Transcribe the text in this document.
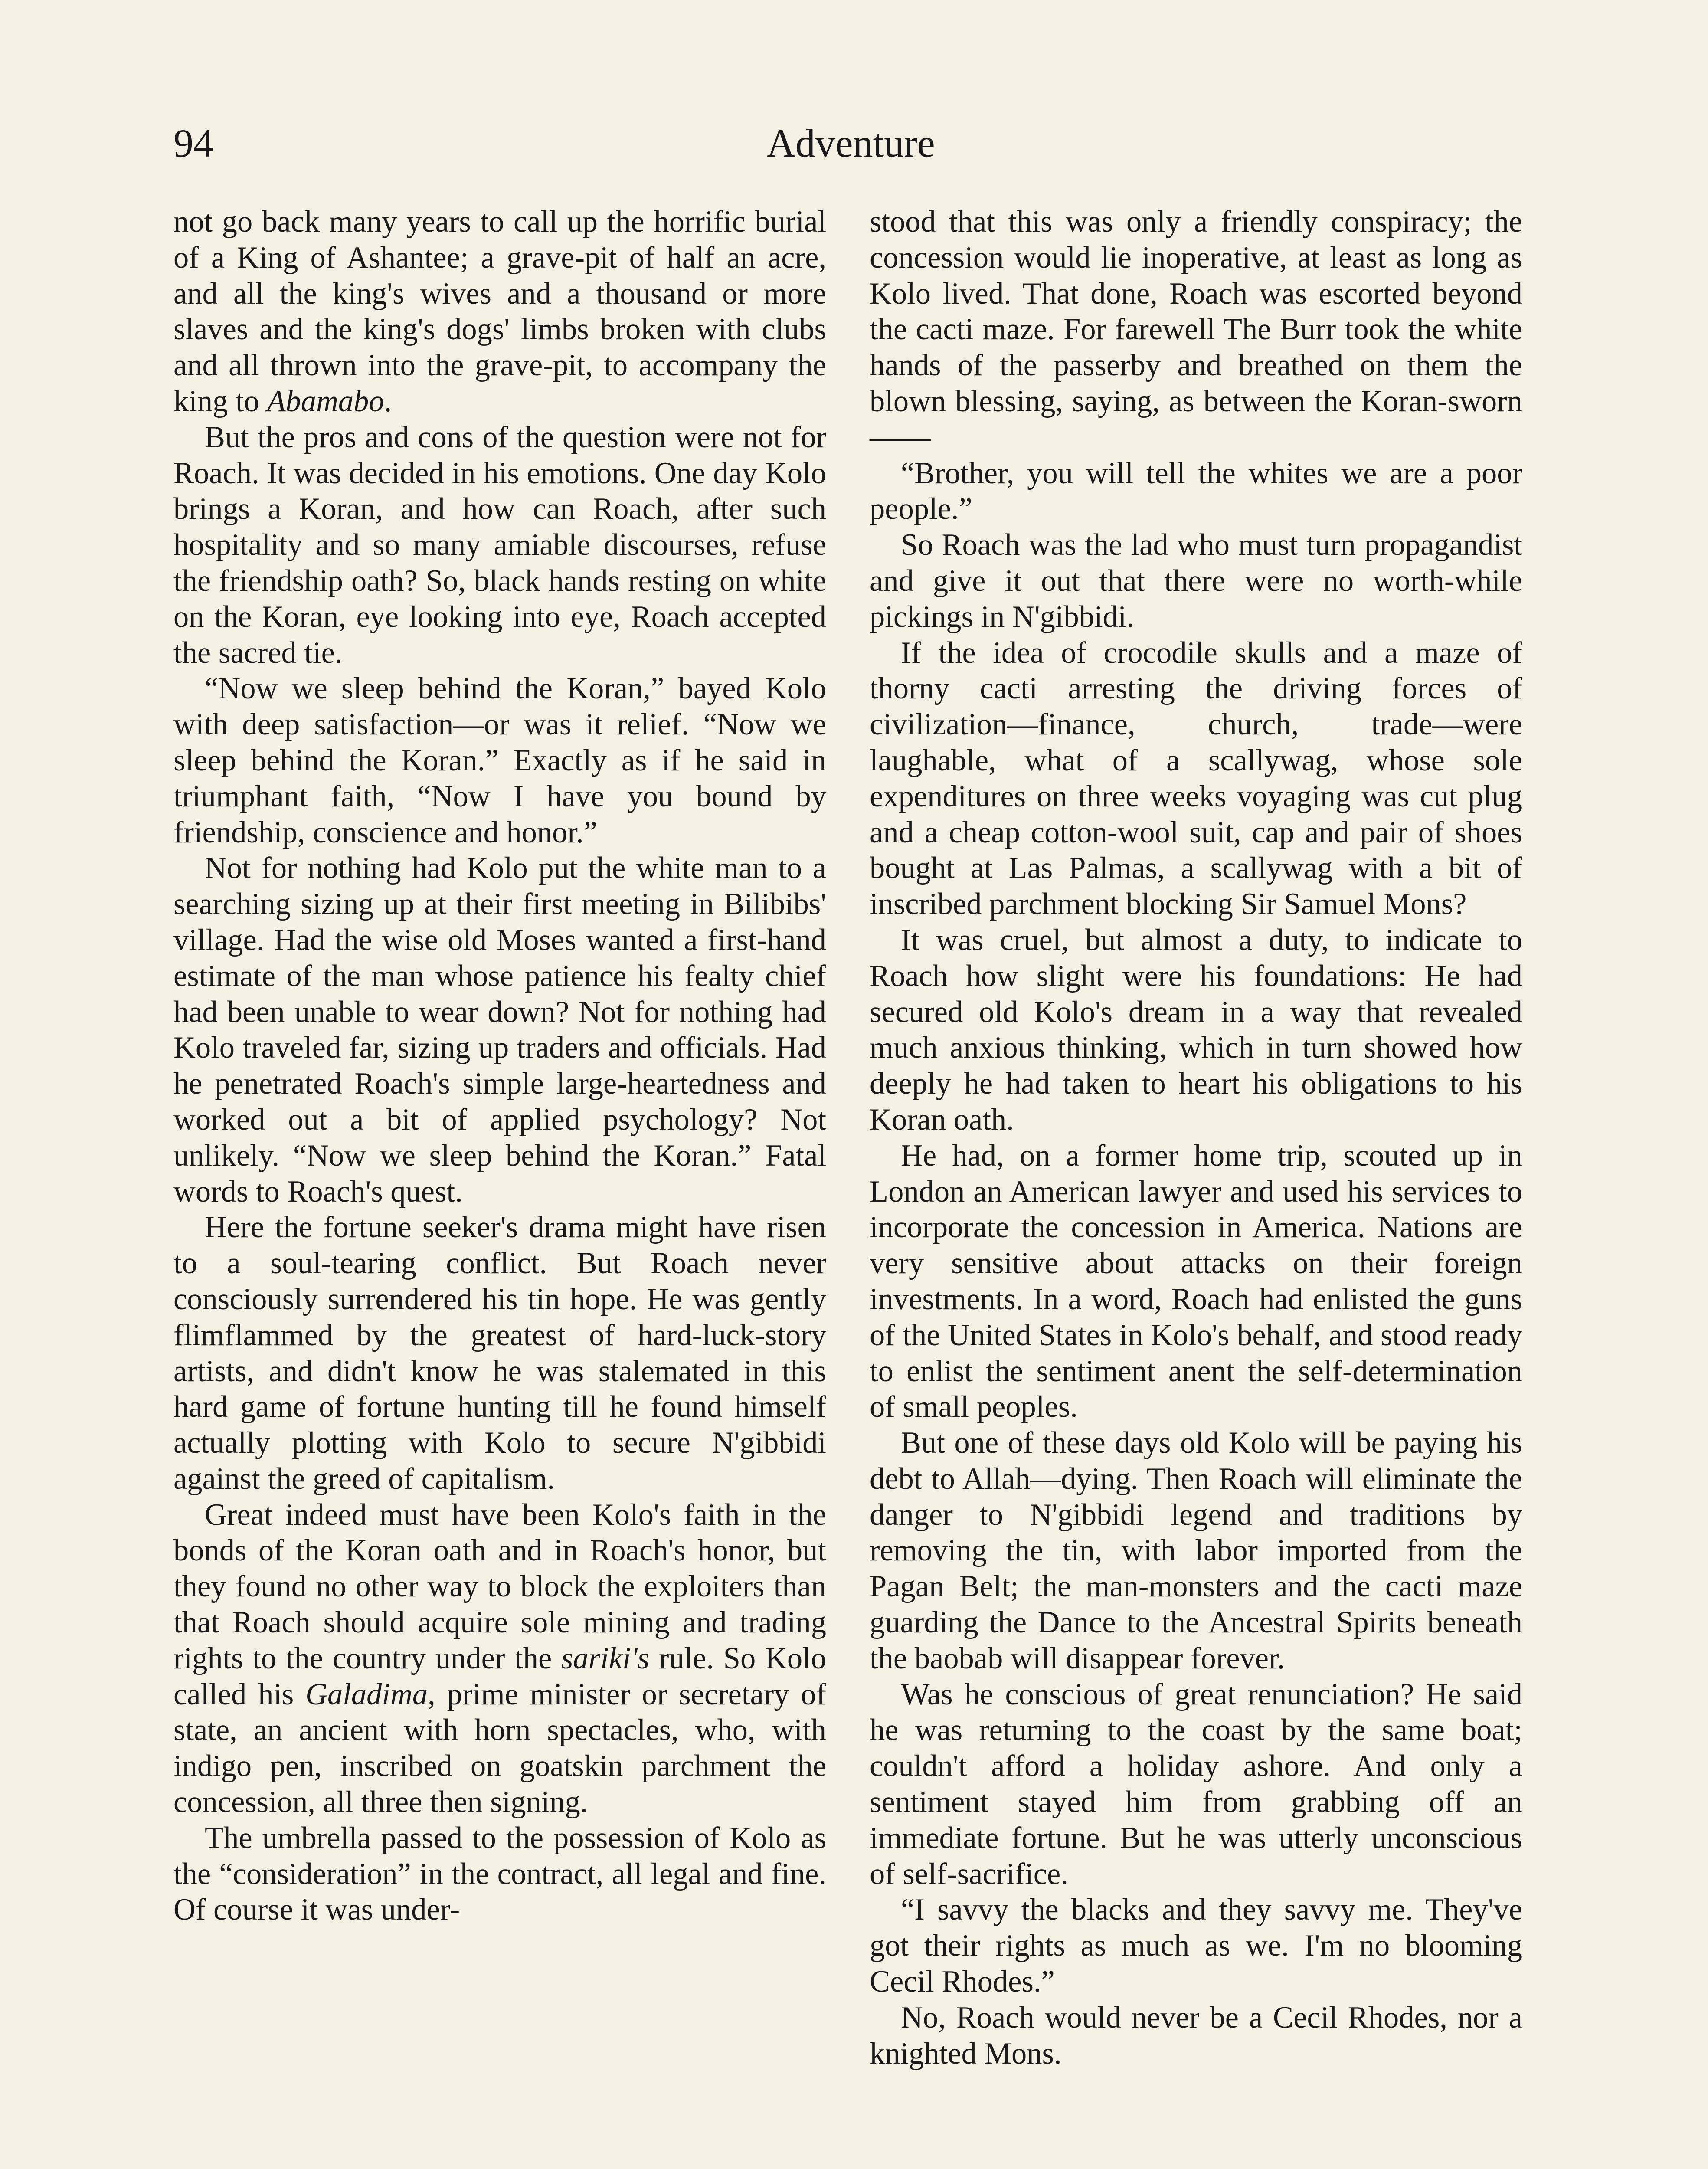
94	Adventure

not go back many years to call up the horrific burial of a King of Ashantee; a grave-pit of half an acre, and all the king's wives and a thousand or more slaves and the king's dogs' limbs broken with clubs and all thrown into the grave-pit, to accompany the king to Abamabo.

But the pros and cons of the question were not for Roach. It was decided in his emotions. One day Kolo brings a Koran, and how can Roach, after such hospitality and so many amiable discourses, refuse the friendship oath? So, black hands resting on white on the Koran, eye looking into eye, Roach accepted the sacred tie.

“Now we sleep behind the Koran,” bayed Kolo with deep satisfaction—or was it relief. “Now we sleep behind the Koran.” Exactly as if he said in triumphant faith, “Now I have you bound by friendship, conscience and honor.”

Not for nothing had Kolo put the white man to a searching sizing up at their first meeting in Bilibibs' village. Had the wise old Moses wanted a first-hand estimate of the man whose patience his fealty chief had been unable to wear down? Not for nothing had Kolo traveled far, sizing up traders and officials. Had he penetrated Roach's simple large-heartedness and worked out a bit of applied psychology? Not unlikely. “Now we sleep behind the Koran.” Fatal words to Roach's quest.

Here the fortune seeker's drama might have risen to a soul-tearing conflict. But Roach never consciously surrendered his tin hope. He was gently flimflammed by the greatest of hard-luck-story artists, and didn't know he was stalemated in this hard game of fortune hunting till he found himself actually plotting with Kolo to secure N'gibbidi against the greed of capitalism.

Great indeed must have been Kolo's faith in the bonds of the Koran oath and in Roach's honor, but they found no other way to block the exploiters than that Roach should acquire sole mining and trading rights to the country under the sariki's rule. So Kolo called his Galadima, prime minister or secretary of state, an ancient with horn spectacles, who, with indigo pen, inscribed on goatskin parchment the concession, all three then signing.

The umbrella passed to the possession of Kolo as the “consideration” in the contract, all legal and fine. Of course it was under-

stood that this was only a friendly conspiracy; the concession would lie inoperative, at least as long as Kolo lived. That done, Roach was escorted beyond the cacti maze. For farewell The Burr took the white hands of the passerby and breathed on them the blown blessing, saying, as between the Koran-sworn——

“Brother, you will tell the whites we are a poor people.”

So Roach was the lad who must turn propagandist and give it out that there were no worth-while pickings in N'gibbidi.

If the idea of crocodile skulls and a maze of thorny cacti arresting the driving forces of civilization—finance, church, trade—were laughable, what of a scallywag, whose sole expenditures on three weeks voyaging was cut plug and a cheap cotton-wool suit, cap and pair of shoes bought at Las Palmas, a scallywag with a bit of inscribed parchment blocking Sir Samuel Mons?

It was cruel, but almost a duty, to indicate to Roach how slight were his foundations: He had secured old Kolo's dream in a way that revealed much anxious thinking, which in turn showed how deeply he had taken to heart his obligations to his Koran oath.

He had, on a former home trip, scouted up in London an American lawyer and used his services to incorporate the concession in America. Nations are very sensitive about attacks on their foreign investments. In a word, Roach had enlisted the guns of the United States in Kolo's behalf, and stood ready to enlist the sentiment anent the self-determination of small peoples.

But one of these days old Kolo will be paying his debt to Allah—dying. Then Roach will eliminate the danger to N'gibbidi legend and traditions by removing the tin, with labor imported from the Pagan Belt; the man-monsters and the cacti maze guarding the Dance to the Ancestral Spirits beneath the baobab will disappear forever.

Was he conscious of great renunciation? He said he was returning to the coast by the same boat; couldn't afford a holiday ashore. And only a sentiment stayed him from grabbing off an immediate fortune. But he was utterly unconscious of self-sacrifice.

“I savvy the blacks and they savvy me. They've got their rights as much as we. I'm no blooming Cecil Rhodes.”

No, Roach would never be a Cecil Rhodes, nor a knighted Mons.
